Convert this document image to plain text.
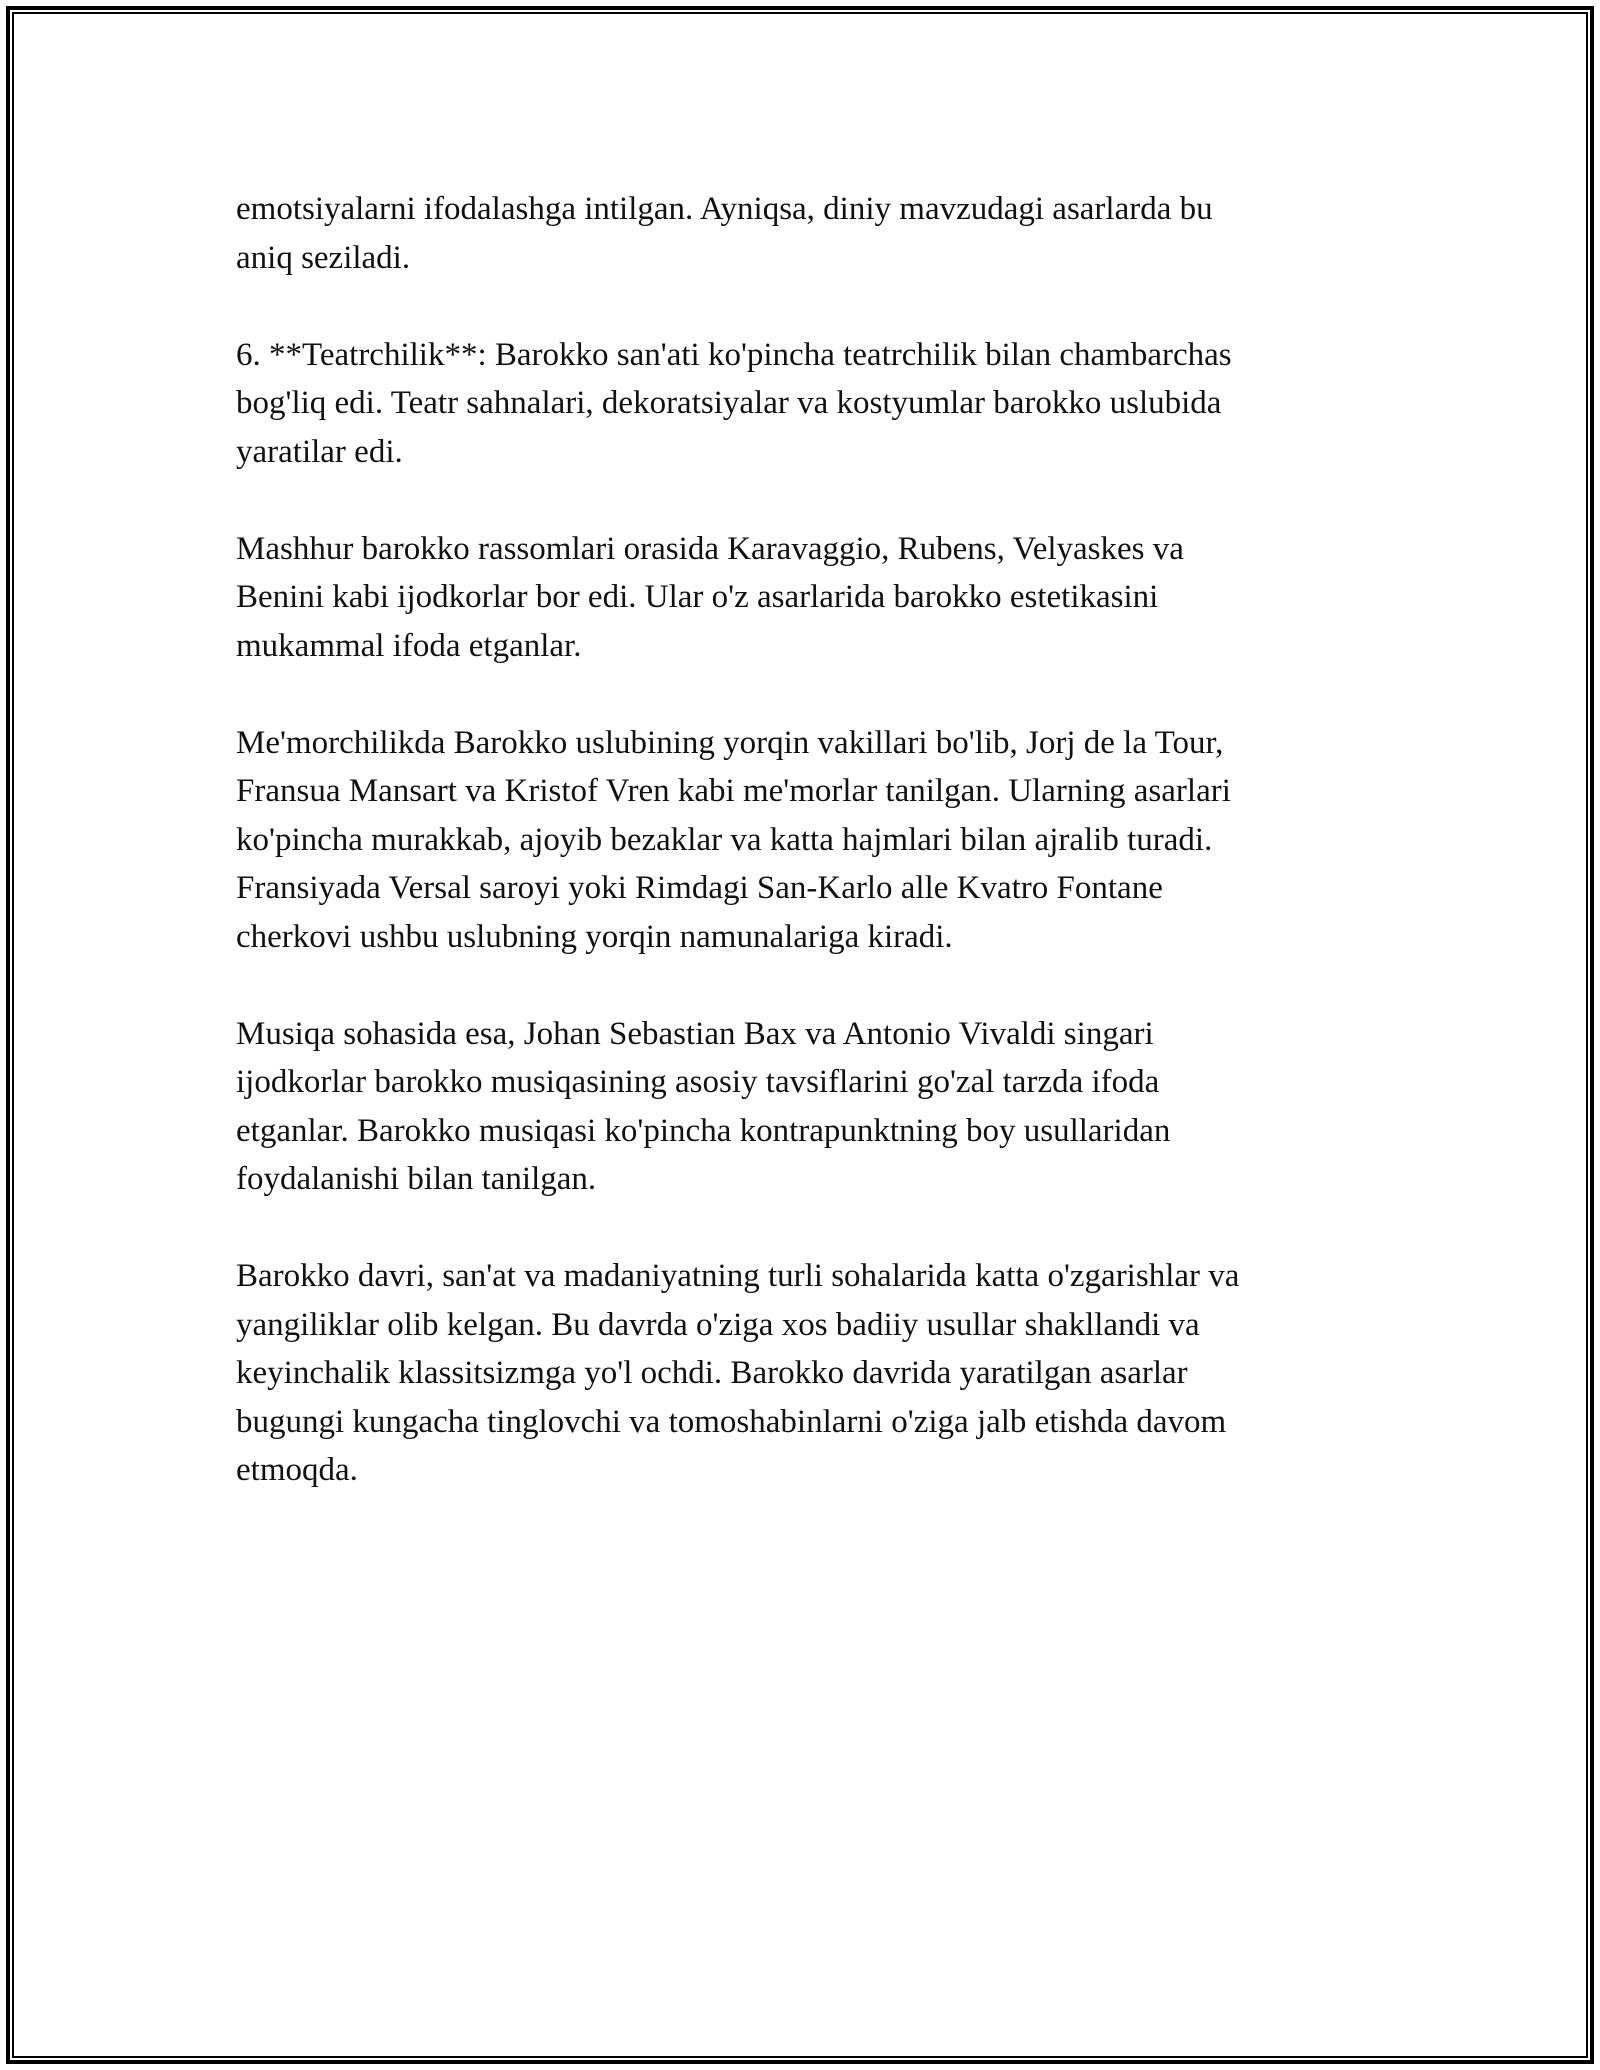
emotsiyalarni ifodalashga intilgan. Ayniqsa, diniy mavzudagi asarlarda bu
aniq seziladi.

6. **Teatrchilik**: Barokko san'ati ko'pincha teatrchilik bilan chambarchas
bog'liq edi. Teatr sahnalari, dekoratsiyalar va kostyumlar barokko uslubida
yaratilar edi.

Mashhur barokko rassomlari orasida Karavaggio, Rubens, Velyaskes va
Benini kabi ijodkorlar bor edi. Ular o'z asarlarida barokko estetikasini
mukammal ifoda etganlar.

Me'morchilikda Barokko uslubining yorqin vakillari bo'lib, Jorj de la Tour,
Fransua Mansart va Kristof Vren kabi me'morlar tanilgan. Ularning asarlari
ko'pincha murakkab, ajoyib bezaklar va katta hajmlari bilan ajralib turadi.
Fransiyada Versal saroyi yoki Rimdagi San-Karlo alle Kvatro Fontane
cherkovi ushbu uslubning yorqin namunalariga kiradi.

Musiqa sohasida esa, Johan Sebastian Bax va Antonio Vivaldi singari
ijodkorlar barokko musiqasining asosiy tavsiflarini go'zal tarzda ifoda
etganlar. Barokko musiqasi ko'pincha kontrapunktning boy usullaridan
foydalanishi bilan tanilgan.

Barokko davri, san'at va madaniyatning turli sohalarida katta o'zgarishlar va
yangiliklar olib kelgan. Bu davrda o'ziga xos badiiy usullar shakllandi va
keyinchalik klassitsizmga yo'l ochdi. Barokko davrida yaratilgan asarlar
bugungi kungacha tinglovchi va tomoshabinlarni o'ziga jalb etishda davom
etmoqda.
